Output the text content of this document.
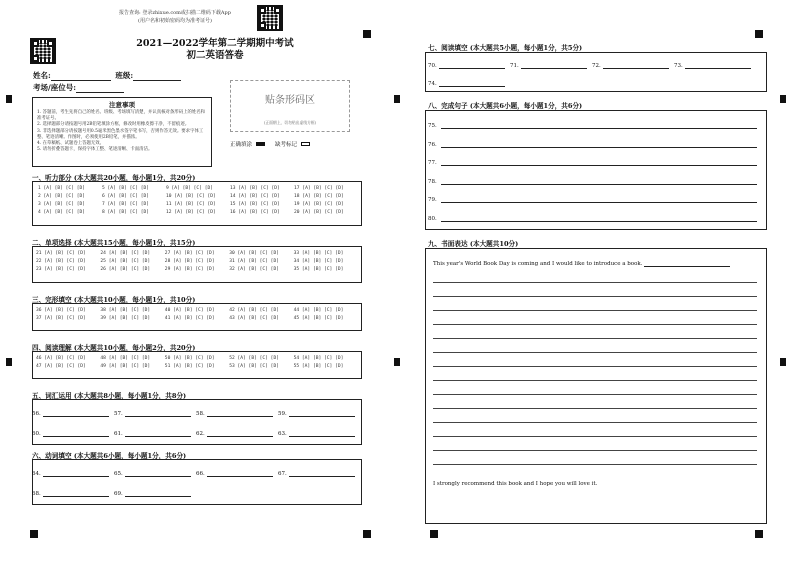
报告查询: 登录zhixue.com或扫描二维码下载App
(用户名和初始密码均为准考证号)
2021—2022学年第二学期期中考试
初二英语答卷
姓名:	班级:
考场/座位号:
注意事项

1. 答题前，考生先将自己的姓名、班级、考场填写清楚，并认真核对条形码上的姓名和准考证号。

2. 选择题部分请按题号用2B铅笔填涂方框，修改时用橡皮擦干净，不留痕迹。

3. 非选择题部分请按题号用0.5毫米黑色墨水签字笔书写，否则作答无效。要求字体工整、笔迹清晰。作图时，必须使用2B铅笔，并描浓。

4. 在草稿纸、试题卷上答题无效。

5. 请勿折叠答题卡，保持字体工整、笔迹清晰、卡面清洁。

贴条形码区
(正面朝上，切勿贴出虚线方框)
正确填涂	缺考标记
一、听力部分 (本大题共20小题，每小题1分，共20分)
1 [A] [B] [C] [D]	5 [A] [B] [C] [D]	9 [A] [B] [C] [D]	13 [A] [B] [C] [D]	17 [A] [B] [C] [D]
2 [A] [B] [C] [D]	6 [A] [B] [C] [D]	10 [A] [B] [C] [D]	14 [A] [B] [C] [D]	18 [A] [B] [C] [D]
3 [A] [B] [C] [D]	7 [A] [B] [C] [D]	11 [A] [B] [C] [D]	15 [A] [B] [C] [D]	19 [A] [B] [C] [D]
4 [A] [B] [C] [D]	8 [A] [B] [C] [D]	12 [A] [B] [C] [D]	16 [A] [B] [C] [D]	20 [A] [B] [C] [D]
二、单项选择 (本大题共15小题，每小题1分，共15分)
21 [A] [B] [C] [D]	24 [A] [B] [C] [D]	27 [A] [B] [C] [D]	30 [A] [B] [C] [D]	33 [A] [B] [C] [D]
22 [A] [B] [C] [D]	25 [A] [B] [C] [D]	28 [A] [B] [C] [D]	31 [A] [B] [C] [D]	34 [A] [B] [C] [D]
23 [A] [B] [C] [D]	26 [A] [B] [C] [D]	29 [A] [B] [C] [D]	32 [A] [B] [C] [D]	35 [A] [B] [C] [D]
三、完形填空 (本大题共10小题，每小题1分，共10分)
36 [A] [B] [C] [D]	38 [A] [B] [C] [D]	40 [A] [B] [C] [D]	42 [A] [B] [C] [D]	44 [A] [B] [C] [D]
37 [A] [B] [C] [D]	39 [A] [B] [C] [D]	41 [A] [B] [C] [D]	43 [A] [B] [C] [D]	45 [A] [B] [C] [D]
四、阅读理解 (本大题共10小题，每小题2分，共20分)
46 [A] [B] [C] [D]	48 [A] [B] [C] [D]	50 [A] [B] [C] [D]	52 [A] [B] [C] [D]	54 [A] [B] [C] [D]
47 [A] [B] [C] [D]	49 [A] [B] [C] [D]	51 [A] [B] [C] [D]	53 [A] [B] [C] [D]	55 [A] [B] [C] [D]
五、词汇运用 (本大题共8小题，每小题1分，共8分)
六、动词填空 (本大题共6小题，每小题1分，共6分)
七、阅读填空 (本大题共5小题，每小题1分，共5分)
八、完成句子 (本大题共6小题，每小题1分，共6分)
九、书面表达 (本大题共10分)
This year's World Book Day is coming and I would like to introduce a book.
I strongly recommend this book and I hope you will love it.
56.	57.	58.	59.
60.	61.	62.	63.
64.	65.	66.	67.
68.	69.
70.	71.	72.	73.
74.
75.
76.
77.
78.
79.
80.
